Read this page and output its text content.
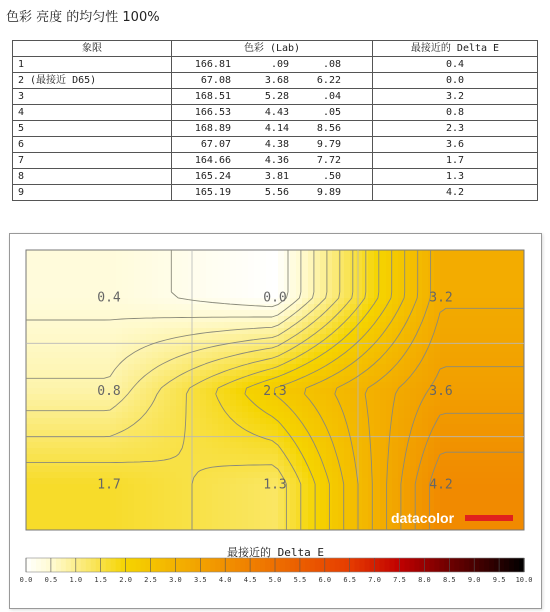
色彩 亮度 的均匀性 100%
象限	色彩 (Lab)	最接近的 Delta E
1	166.81 .09 .08	0.4
2 (最接近 D65)	67.08 3.68 6.22	0.0
3	168.51 5.28 .04	3.2
4	166.53 4.43 .05	0.8
5	168.89 4.14 8.56	2.3
6	67.07 4.38 9.79	3.6
7	164.66 4.36 7.72	1.7
8	165.24 3.81 .50	1.3
9	165.19 5.56 9.89	4.2
0.4	0.0	3.2
0.8	2.3	3.6
1.7	1.3	4.2
datacolor
0.0 0.5 1.0 1.5 2.0 2.5 3.0 3.5 4.0 4.5 5.0 5.5 6.0 6.5 7.0 7.5 8.0 8.5 9.0 9.5 10.0
最接近的 Delta E
